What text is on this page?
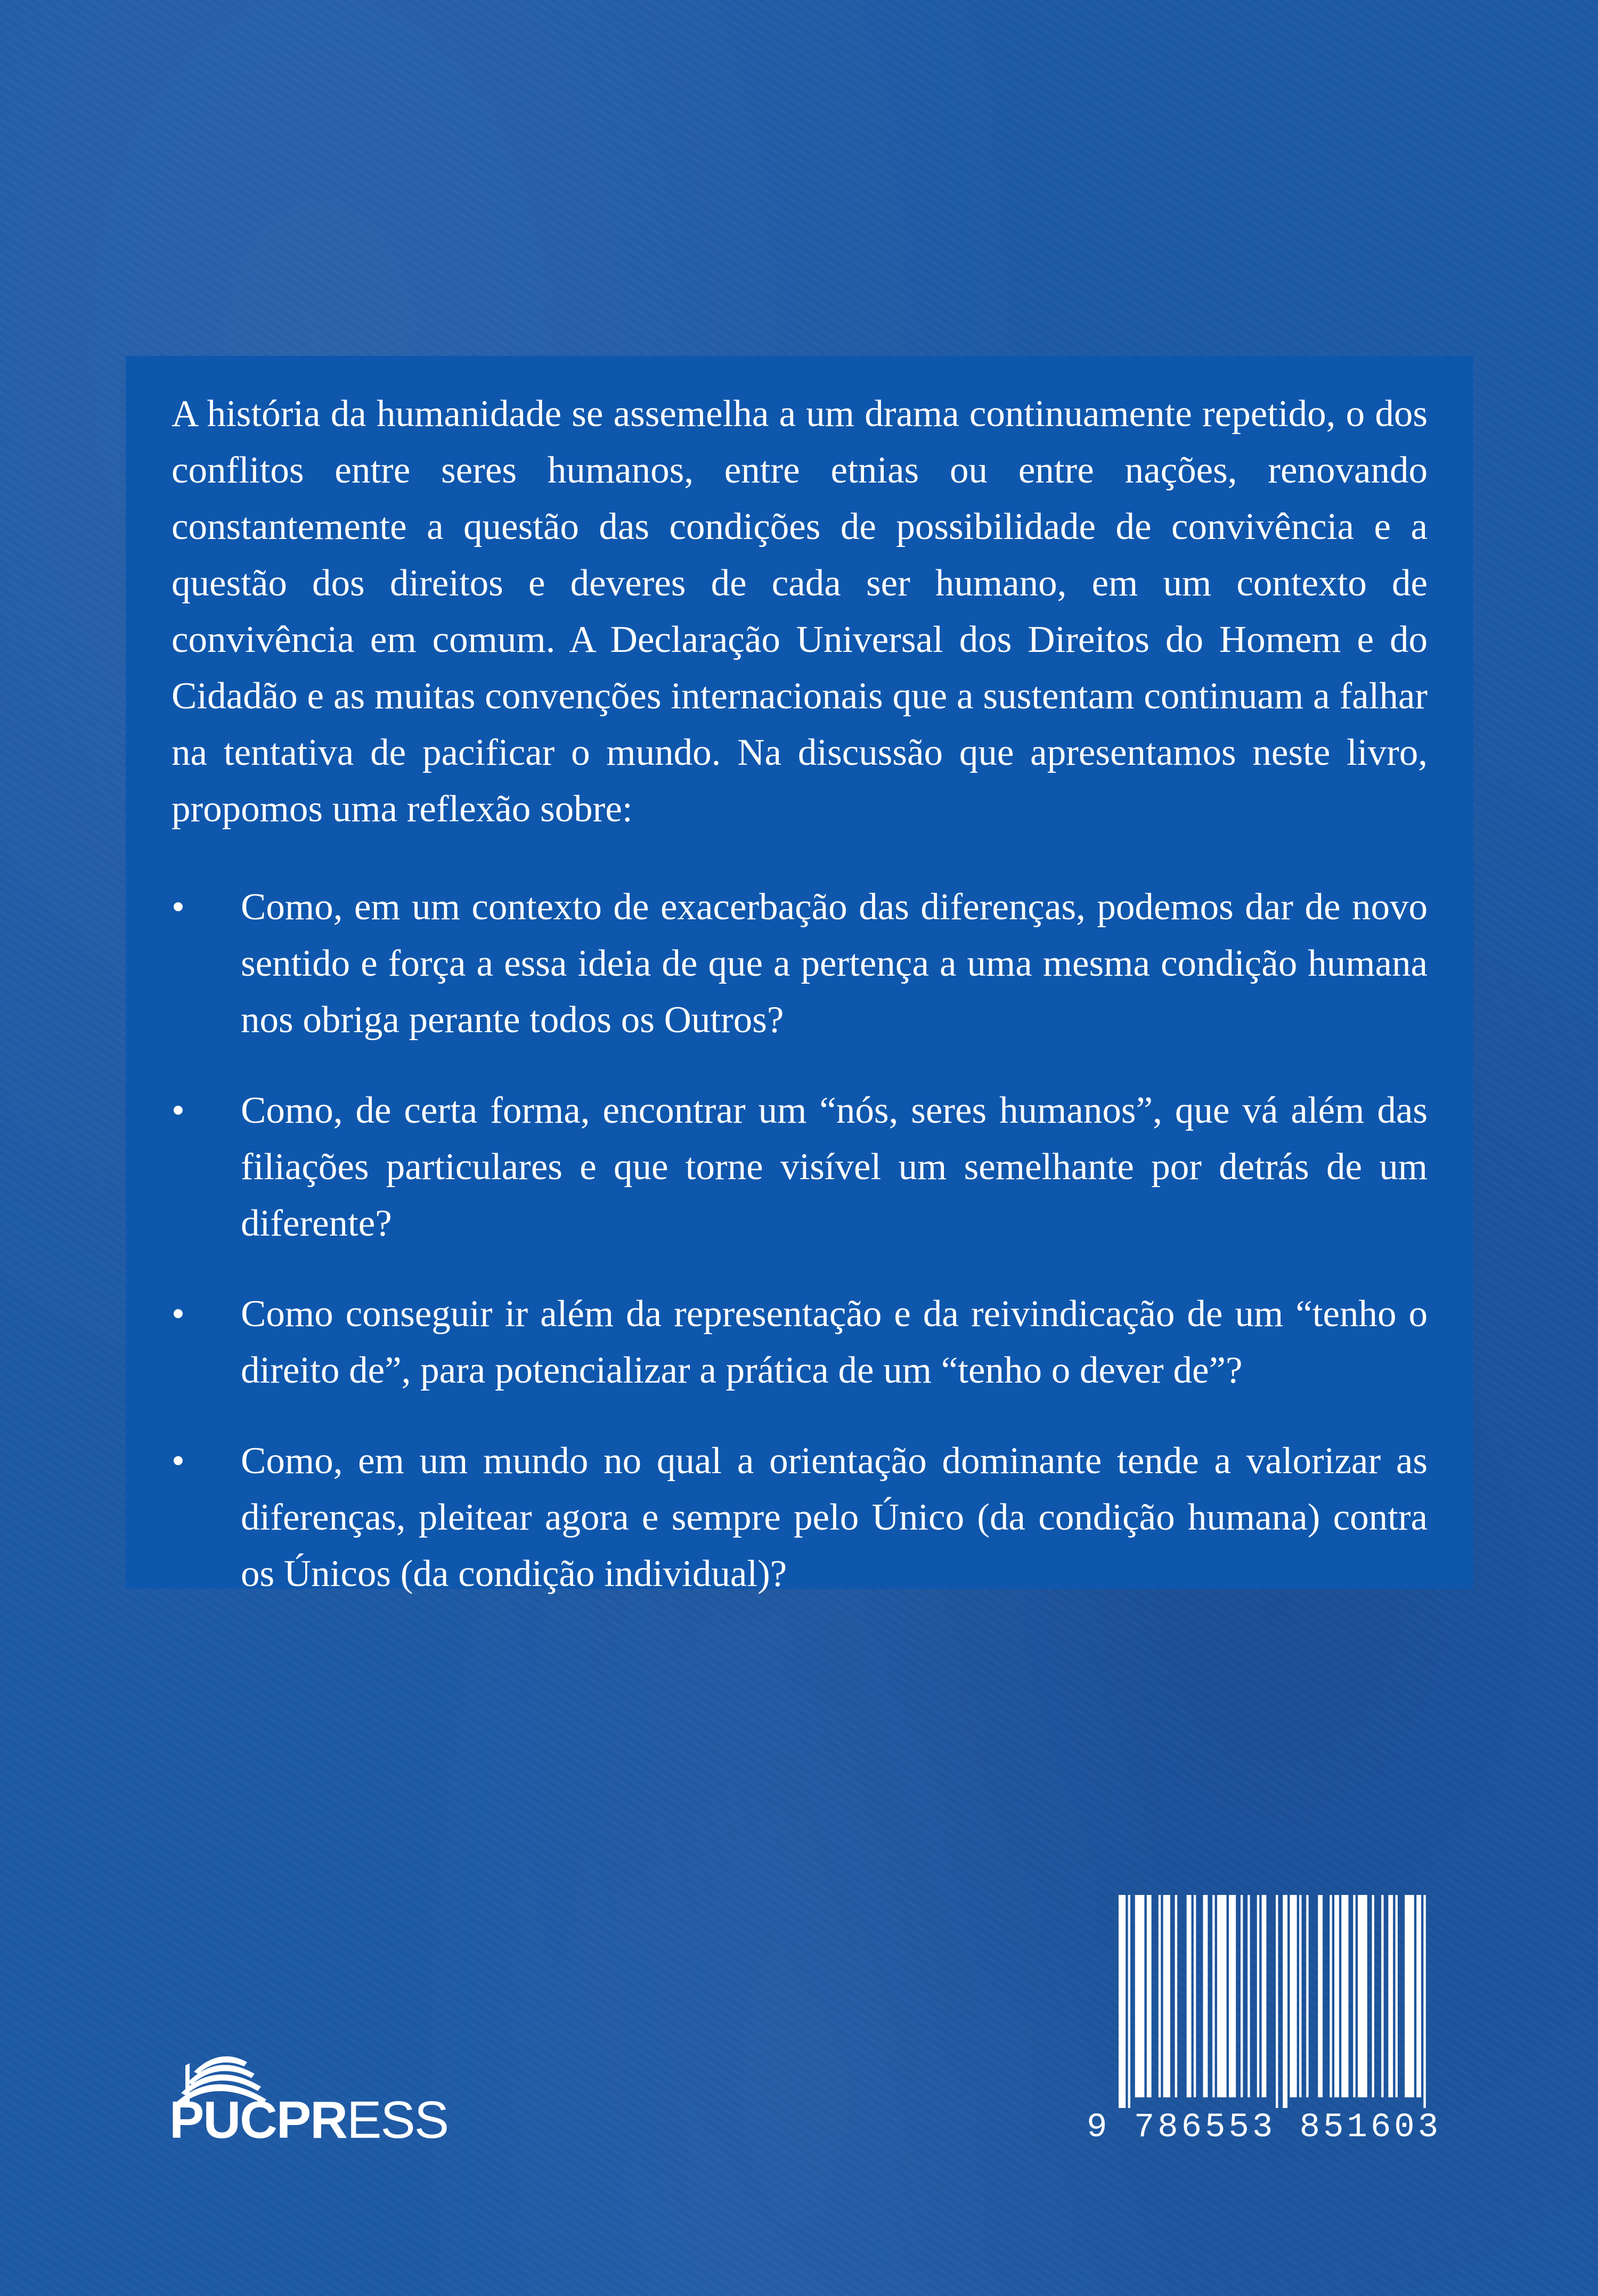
A história da humanidade se assemelha a um drama continuamente repetido, o dos conflitos entre seres humanos, entre etnias ou entre nações, renovando constantemente a questão das condições de possibilidade de convivência e a questão dos direitos e deveres de cada ser humano, em um contexto de convivência em comum. A Declaração Universal dos Direitos do Homem e do Cidadão e as muitas convenções internacionais que a sustentam continuam a falhar na tentativa de pacificar o mundo. Na discussão que apresentamos neste livro, propomos uma reflexão sobre:

•	Como, em um contexto de exacerbação das diferenças, podemos dar de novo sentido e força a essa ideia de que a pertença a uma mesma condição humana nos obriga perante todos os Outros?
•	Como, de certa forma, encontrar um “nós, seres humanos”, que vá além das filiações particulares e que torne visível um semelhante por detrás de um diferente?
•	Como conseguir ir além da representação e da reivindicação de um “tenho o direito de”, para potencializar a prática de um “tenho o dever de”?
•	Como, em um mundo no qual a orientação dominante tende a valorizar as diferenças, pleitear agora e sempre pelo Único (da condição humana) contra os Únicos (da condição individual)?
PUCPRESS	9 786553 851603
